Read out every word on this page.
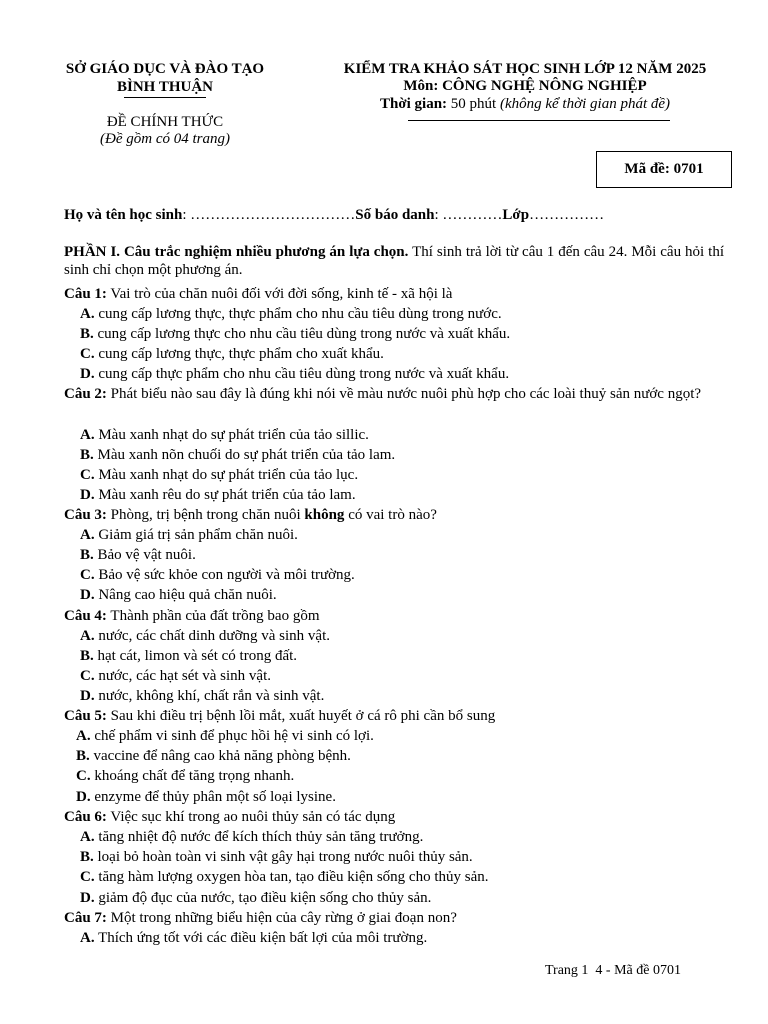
SỞ GIÁO DỤC VÀ ĐÀO TẠO
BÌNH THUẬN
ĐỀ CHÍNH THỨC
(Đề gồm có 04 trang)
KIỂM TRA KHẢO SÁT HỌC SINH LỚP 12 NĂM 2025
Môn: CÔNG NGHỆ NÔNG NGHIỆP
Thời gian: 50 phút (không kể thời gian phát đề)
Mã đề: 0701
Họ và tên học sinh: ……………………………Số báo danh: …………Lớp……………
PHẦN I. Câu trắc nghiệm nhiều phương án lựa chọn. Thí sinh trả lời từ câu 1 đến câu 24. Mỗi câu hỏi thí sinh chỉ chọn một phương án.
Câu 1: Vai trò của chăn nuôi đối với đời sống, kinh tế - xã hội là
A. cung cấp lương thực, thực phẩm cho nhu cầu tiêu dùng trong nước.
B. cung cấp lương thực cho nhu cầu tiêu dùng trong nước và xuất khẩu.
C. cung cấp lương thực, thực phẩm cho xuất khẩu.
D. cung cấp thực phẩm cho nhu cầu tiêu dùng trong nước và xuất khẩu.
Câu 2: Phát biểu nào sau đây là đúng khi nói về màu nước nuôi phù hợp cho các loài thuỷ sản nước ngọt?
A. Màu xanh nhạt do sự phát triển của tảo sillic.
B. Màu xanh nõn chuối do sự phát triển của tảo lam.
C. Màu xanh nhạt do sự phát triển của tảo lục.
D. Màu xanh rêu do sự phát triển của tảo lam.
Câu 3: Phòng, trị bệnh trong chăn nuôi không có vai trò nào?
A. Giảm giá trị sản phẩm chăn nuôi.
B. Bảo vệ vật nuôi.
C. Bảo vệ sức khỏe con người và môi trường.
D. Nâng cao hiệu quả chăn nuôi.
Câu 4: Thành phần của đất trồng bao gồm
A. nước, các chất dinh dưỡng và sinh vật.
B. hạt cát, limon và sét có trong đất.
C. nước, các hạt sét và sinh vật.
D. nước, không khí, chất rắn và sinh vật.
Câu 5: Sau khi điều trị bệnh lồi mắt, xuất huyết ở cá rô phi cần bổ sung
A. chế phẩm vi sinh để phục hồi hệ vi sinh có lợi.
B. vaccine để nâng cao khả năng phòng bệnh.
C. khoáng chất để tăng trọng nhanh.
D. enzyme để thủy phân một số loại lysine.
Câu 6: Việc sục khí trong ao nuôi thủy sản có tác dụng
A. tăng nhiệt độ nước để kích thích thủy sản tăng trưởng.
B. loại bỏ hoàn toàn vi sinh vật gây hại trong nước nuôi thủy sản.
C. tăng hàm lượng oxygen hòa tan, tạo điều kiện sống cho thủy sản.
D. giảm độ đục của nước, tạo điều kiện sống cho thủy sản.
Câu 7: Một trong những biểu hiện của cây rừng ở giai đoạn non?
A. Thích ứng tốt với các điều kiện bất lợi của môi trường.
Trang 1  4 - Mã đề 0701
